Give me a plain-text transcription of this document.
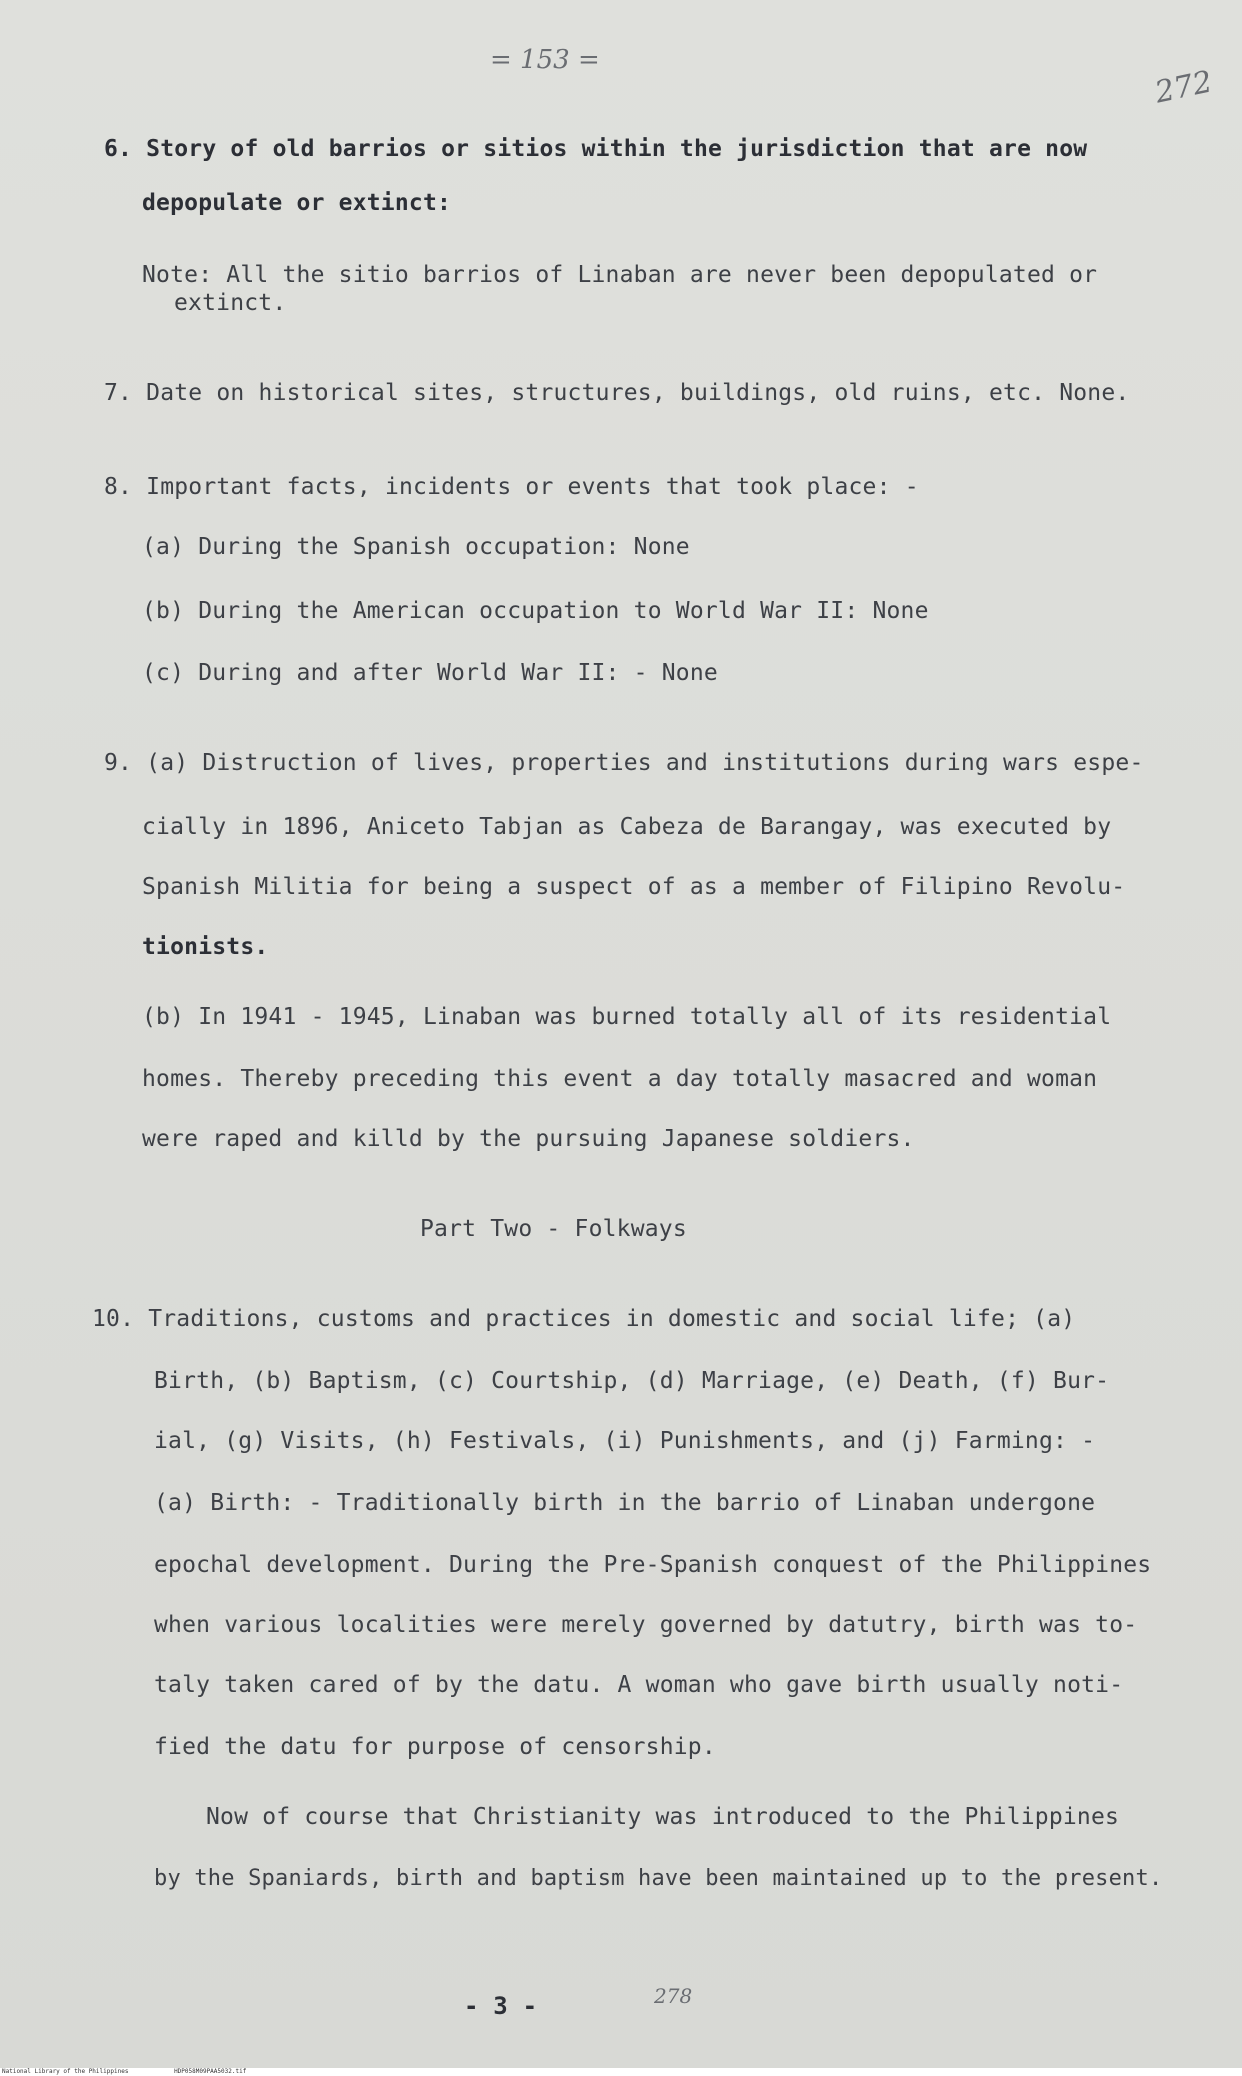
= 153 =
272
6. Story of old barrios or sitios within the jurisdiction that are now
depopulate or extinct:
Note: All the sitio barrios of Linaban are never been depopulated or
extinct.
7. Date on historical sites, structures, buildings, old ruins, etc. None.
8. Important facts, incidents or events that took place: -
(a) During the Spanish occupation: None
(b) During the American occupation to World War II: None
(c) During and after World War II: - None
9. (a) Distruction of lives, properties and institutions during wars espe-
cially in 1896, Aniceto Tabjan as Cabeza de Barangay, was executed by
Spanish Militia for being a suspect of as a member of Filipino Revolu-
tionists.
(b) In 1941 - 1945, Linaban was burned totally all of its residential
homes. Thereby preceding this event a day totally masacred and woman
were raped and killd by the pursuing Japanese soldiers.
Part Two - Folkways
10. Traditions, customs and practices in domestic and social life; (a)
Birth, (b) Baptism, (c) Courtship, (d) Marriage, (e) Death, (f) Bur-
ial, (g) Visits, (h) Festivals, (i) Punishments, and (j) Farming: -
(a) Birth: - Traditionally birth in the barrio of Linaban undergone
epochal development. During the Pre-Spanish conquest of the Philippines
when various localities were merely governed by datutry, birth was to-
taly taken cared of by the datu. A woman who gave birth usually noti-
fied the datu for purpose of censorship.
Now of course that Christianity was introduced to the Philippines
by the Spaniards, birth and baptism have been maintained up to the present.
- 3 -	278
National Library of the Philippines	HDP058M09PAA5032.tif
